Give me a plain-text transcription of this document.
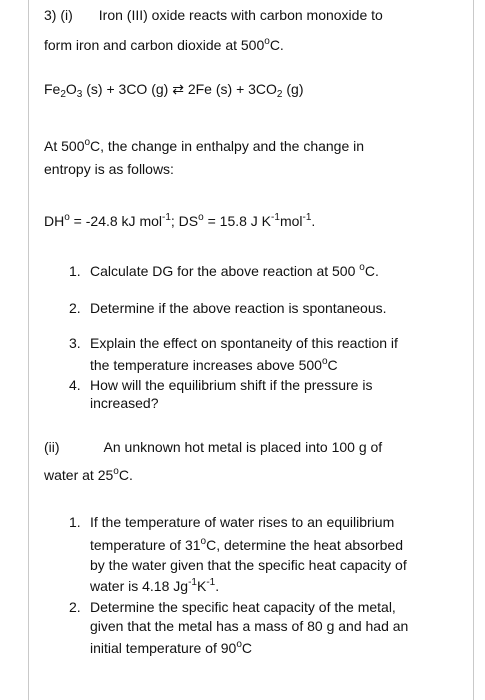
3) (i) Iron (III) oxide reacts with carbon monoxide to
form iron and carbon dioxide at 500$^o$C.
$Fe_2O_3$ (s) + 3CO (g) ⇄ 2Fe $(s) + 3CO_2$ (g)
At 500$^o$C, the change in enthalpy and the change in
entropy is as follows:
$DH^o = -24.8$ kJ mol$^{-1}$; $DS^o = 15.8$ J $K^{-1}mol^{-1}$.
1. Calculate DG for the above reaction at 500 $^o$C.
2. Determine if the above reaction is spontaneous.
3. Explain the effect on spontaneity of this reaction if
the temperature increases above 500$^o$C
4. How will the equilibrium shift if the pressure is
increased?
(ii)	An unknown hot metal is placed into 100 g of
water at 25$^o$C.
1. If the temperature of water rises to an equilibrium
temperature of 31$^o$C, determine the heat absorbed
by the water given that the specific heat capacity of
water is 4.18 $Jg^{-1}K^{-1}$.
2. Determine the specific heat capacity of the metal,
given that the metal has a mass of 80 g and had an
initial temperature of 90$^o$C
